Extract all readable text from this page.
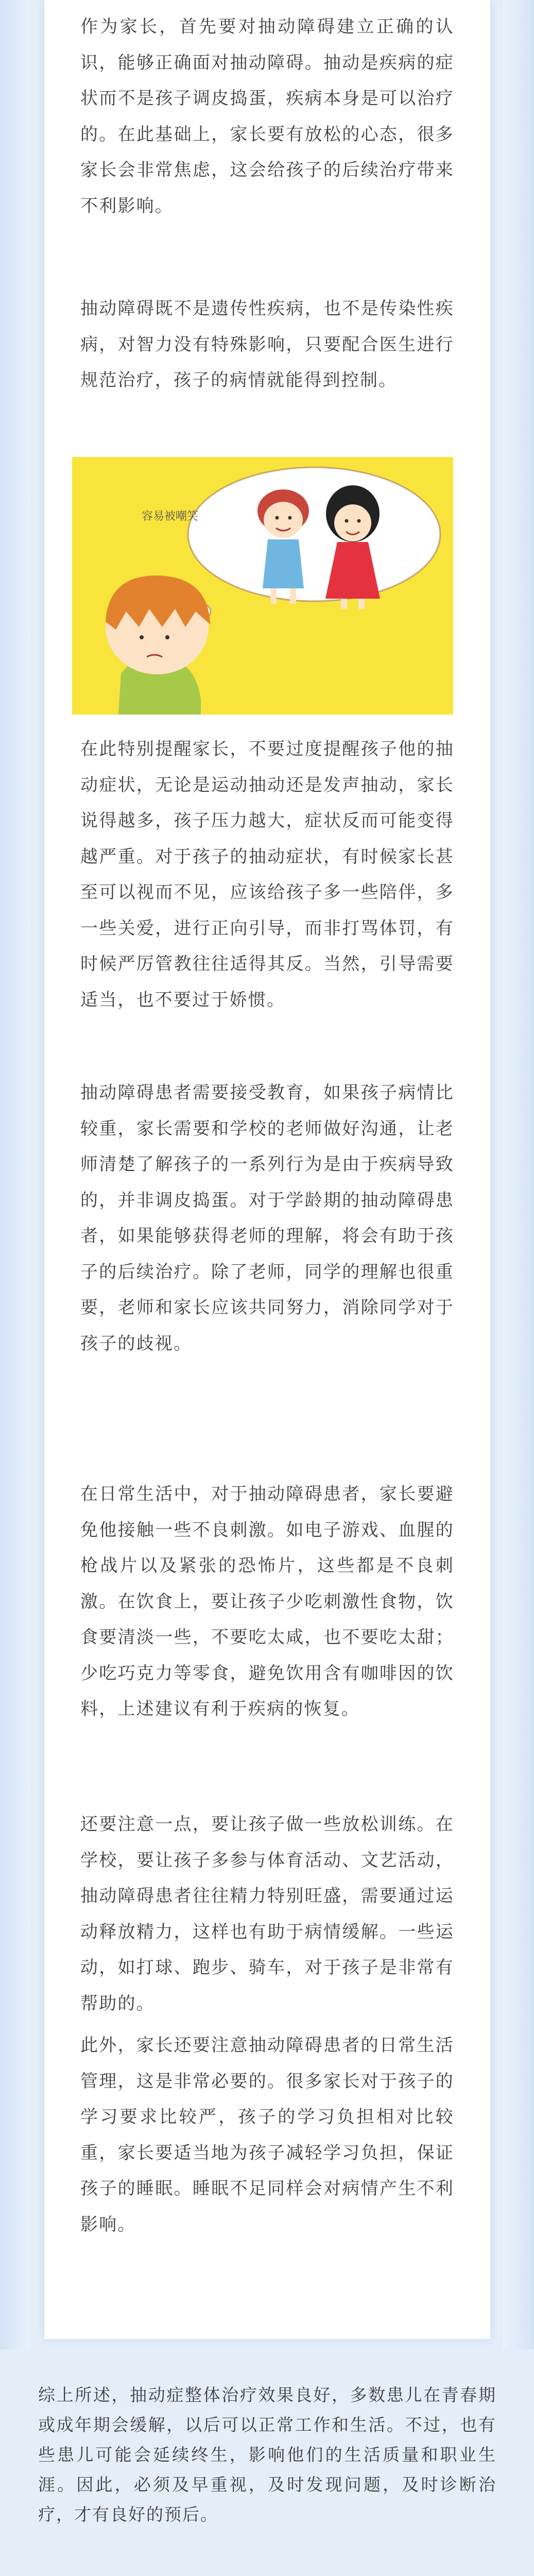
作为家长，首先要对抽动障碍建立正确的认识，能够正确面对抽动障碍。抽动是疾病的症状而不是孩子调皮捣蛋，疾病本身是可以治疗的。在此基础上，家长要有放松的心态，很多家长会非常焦虑，这会给孩子的后续治疗带来不利影响。

抽动障碍既不是遗传性疾病，也不是传染性疾病，对智力没有特殊影响，只要配合医生进行规范治疗，孩子的病情就能得到控制。

在此特别提醒家长，不要过度提醒孩子他的抽动症状，无论是运动抽动还是发声抽动，家长说得越多，孩子压力越大，症状反而可能变得越严重。对于孩子的抽动症状，有时候家长甚至可以视而不见，应该给孩子多一些陪伴，多一些关爱，进行正向引导，而非打骂体罚，有时候严厉管教往往适得其反。当然，引导需要适当，也不要过于娇惯。

抽动障碍患者需要接受教育，如果孩子病情比较重，家长需要和学校的老师做好沟通，让老师清楚了解孩子的一系列行为是由于疾病导致的，并非调皮捣蛋。对于学龄期的抽动障碍患者，如果能够获得老师的理解，将会有助于孩子的后续治疗。除了老师，同学的理解也很重要，老师和家长应该共同努力，消除同学对于孩子的歧视。

在日常生活中，对于抽动障碍患者，家长要避免他接触一些不良刺激。如电子游戏、血腥的枪战片以及紧张的恐怖片，这些都是不良刺激。在饮食上，要让孩子少吃刺激性食物，饮食要清淡一些，不要吃太咸，也不要吃太甜；少吃巧克力等零食，避免饮用含有咖啡因的饮料，上述建议有利于疾病的恢复。

还要注意一点，要让孩子做一些放松训练。在学校，要让孩子多参与体育活动、文艺活动，抽动障碍患者往往精力特别旺盛，需要通过运动释放精力，这样也有助于病情缓解。一些运动，如打球、跑步、骑车，对于孩子是非常有帮助的。

此外，家长还要注意抽动障碍患者的日常生活管理，这是非常必要的。很多家长对于孩子的学习要求比较严，孩子的学习负担相对比较重，家长要适当地为孩子减轻学习负担，保证孩子的睡眠。睡眠不足同样会对病情产生不利影响。

容易被嘲笑

综上所述，抽动症整体治疗效果良好，多数患儿在青春期或成年期会缓解，以后可以正常工作和生活。不过，也有些患儿可能会延续终生，影响他们的生活质量和职业生涯。因此，必须及早重视，及时发现问题，及时诊断治疗，才有良好的预后。
